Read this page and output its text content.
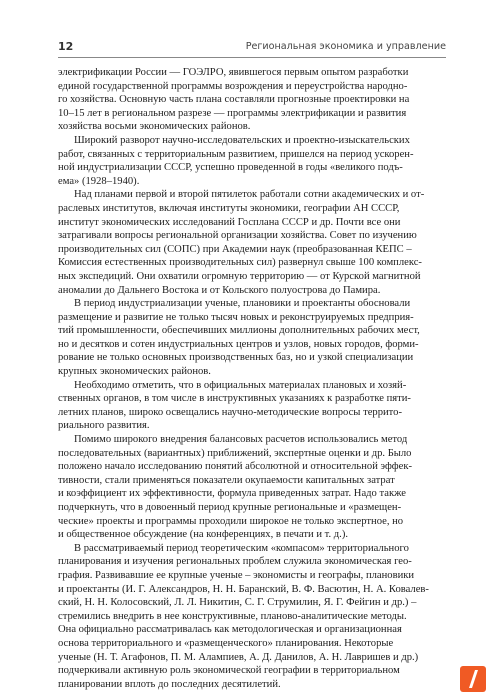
12	Региональная экономика и управление

электрификации России — ГОЭЛРО, явившегося первым опытом разработки
единой государственной программы возрождения и переустройства народно-
го хозяйства. Основную часть плана составляли прогнозные проектировки на
10–15 лет в региональном разрезе — программы электрификации и развития
хозяйства восьми экономических районов.

Широкий разворот научно-исследовательских и проектно-изыскательских
работ, связанных с территориальным развитием, пришелся на период ускорен-
ной индустриализации СССР, успешно проведенной в годы «великого подъ-
ема» (1928–1940).

Над планами первой и второй пятилеток работали сотни академических и от-
раслевых институтов, включая институты экономики, географии АН СССР,
институт экономических исследований Госплана СССР и др. Почти все они
затрагивали вопросы региональной организации хозяйства. Совет по изучению
производительных сил (СОПС) при Академии наук (преобразованная КЕПС –
Комиссия естественных производительных сил) развернул свыше 100 комплекс-
ных экспедиций. Они охватили огромную территорию — от Курской магнитной
аномалии до Дальнего Востока и от Кольского полуострова до Памира.

В период индустриализации ученые, плановики и проектанты обосновали
размещение и развитие не только тысяч новых и реконструируемых предприя-
тий промышленности, обеспечивших миллионы дополнительных рабочих мест,
но и десятков и сотен индустриальных центров и узлов, новых городов, форми-
рование не только основных производственных баз, но и узкой специализации
крупных экономических районов.

Необходимо отметить, что в официальных материалах плановых и хозяй-
ственных органов, в том числе в инструктивных указаниях к разработке пяти-
летних планов, широко освещались научно-методические вопросы террито-
риального развития.

Помимо широкого внедрения балансовых расчетов использовались метод
последовательных (вариантных) приближений, экспертные оценки и др. Было
положено начало исследованию понятий абсолютной и относительной эффек-
тивности, стали применяться показатели окупаемости капитальных затрат
и коэффициент их эффективности, формула приведенных затрат. Надо также
подчеркнуть, что в довоенный период крупные региональные и «размещен-
ческие» проекты и программы проходили широкое не только экспертное, но
и общественное обсуждение (на конференциях, в печати и т. д.).

В рассматриваемый период теоретическим «компасом» территориального
планирования и изучения региональных проблем служила экономическая гео-
графия. Развивавшие ее крупные ученые – экономисты и географы, плановики
и проектанты (И. Г. Александров, Н. Н. Баранский, В. Ф. Васютин, Н. А. Ковалев-
ский, Н. Н. Колосовский, Л. Л. Никитин, С. Г. Струмилин, Я. Г. Фейгин и др.) –
стремились внедрить в нее конструктивные, планово-аналитические методы.
Она официально рассматривалась как методологическая и организационная
основа территориального и «размещенческого» планирования. Некоторые
ученые (Н. Т. Агафонов, П. М. Алампиев, А. Д. Данилов, А. Н. Лавришев и др.)
подчеркивали активную роль экономической географии в территориальном
планировании вплоть до последних десятилетий.
